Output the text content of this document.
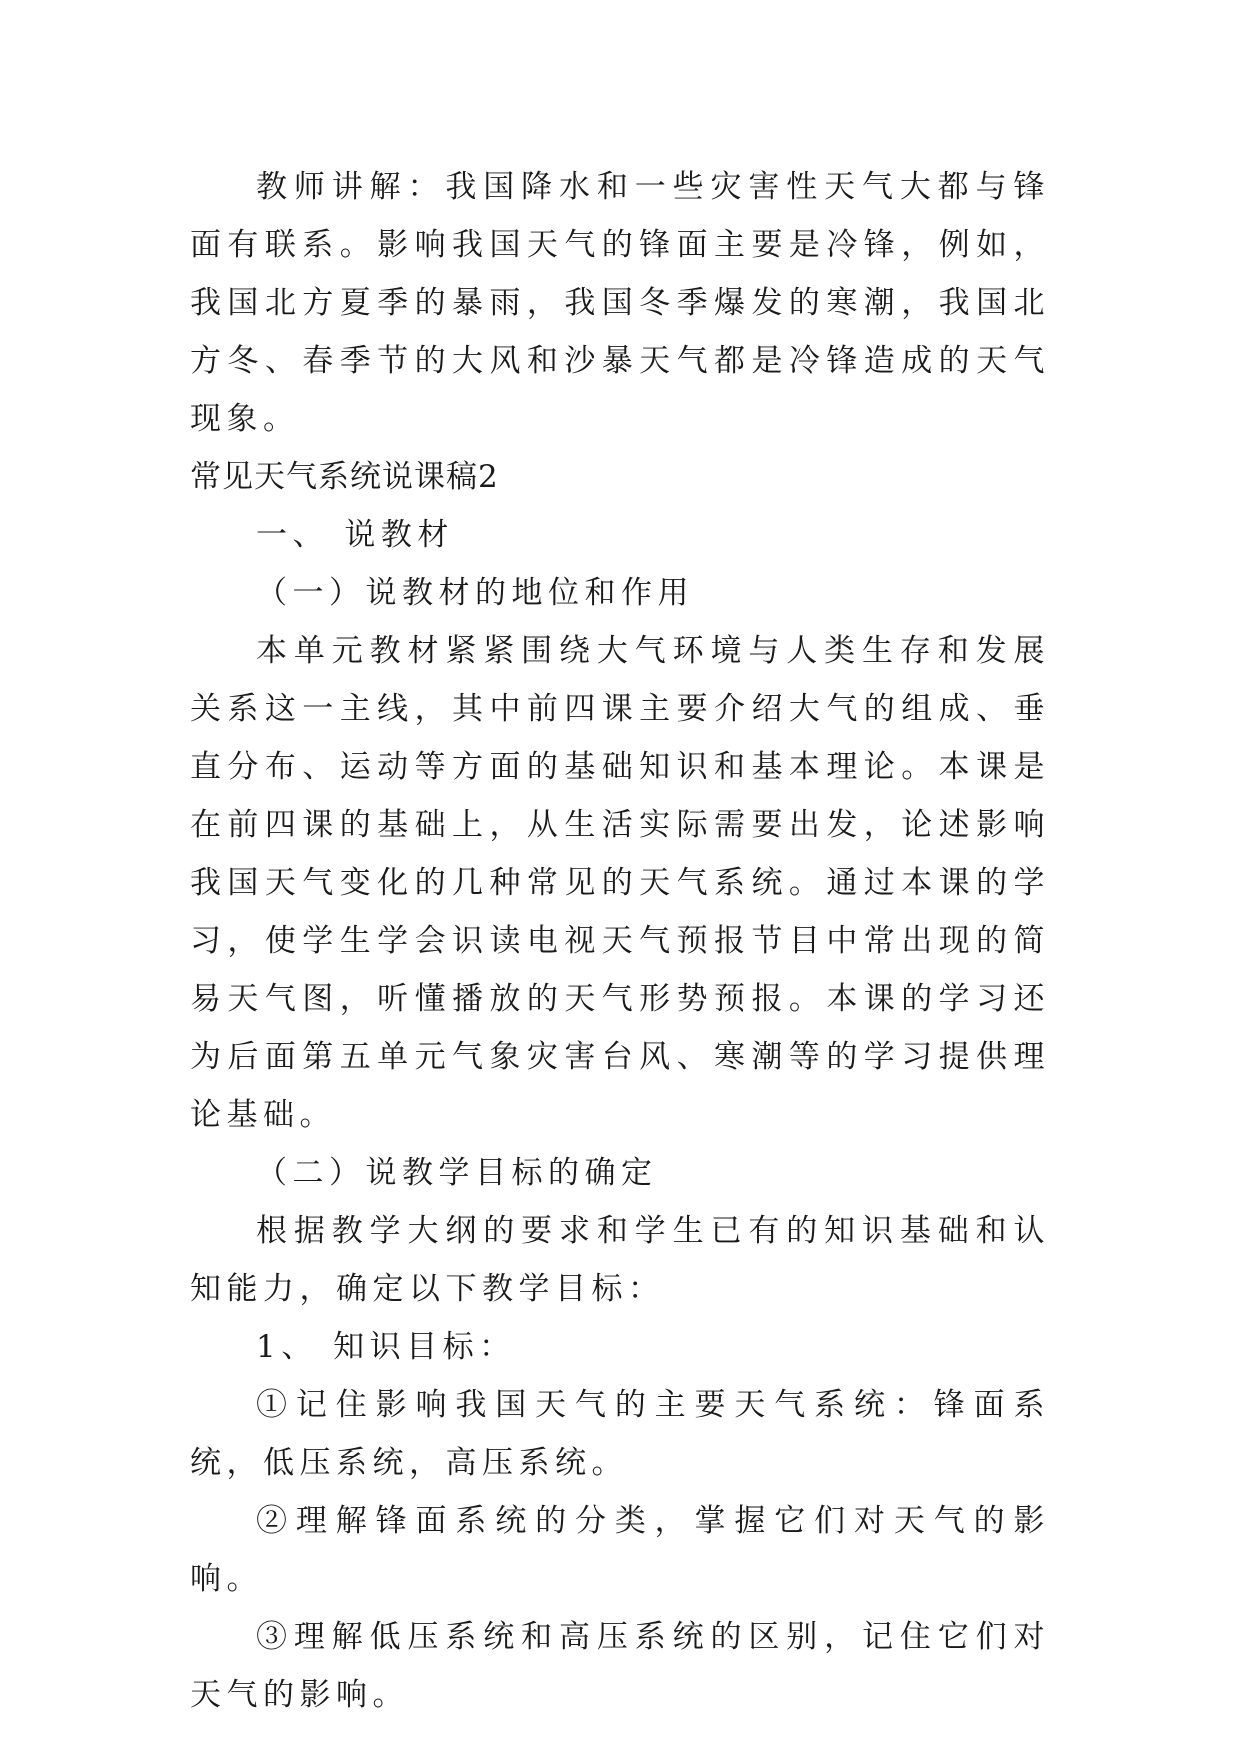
教师讲解：我国降水和一些灾害性天气大都与锋面有联系。影响我国天气的锋面主要是冷锋，例如，我国北方夏季的暴雨，我国冬季爆发的寒潮，我国北方冬、春季节的大风和沙暴天气都是冷锋造成的天气现象。

常见天气系统说课稿2

一、 说教材

（一）说教材的地位和作用

本单元教材紧紧围绕大气环境与人类生存和发展关系这一主线，其中前四课主要介绍大气的组成、垂直分布、运动等方面的基础知识和基本理论。本课是在前四课的基础上，从生活实际需要出发，论述影响我国天气变化的几种常见的天气系统。通过本课的学习，使学生学会识读电视天气预报节目中常出现的简易天气图，听懂播放的天气形势预报。本课的学习还为后面第五单元气象灾害台风、寒潮等的学习提供理论基础。

（二）说教学目标的确定

根据教学大纲的要求和学生已有的知识基础和认知能力，确定以下教学目标：

1、 知识目标：

①记住影响我国天气的主要天气系统：锋面系统，低压系统，高压系统。

②理解锋面系统的分类，掌握它们对天气的影响。

③理解低压系统和高压系统的区别，记住它们对天气的影响。
